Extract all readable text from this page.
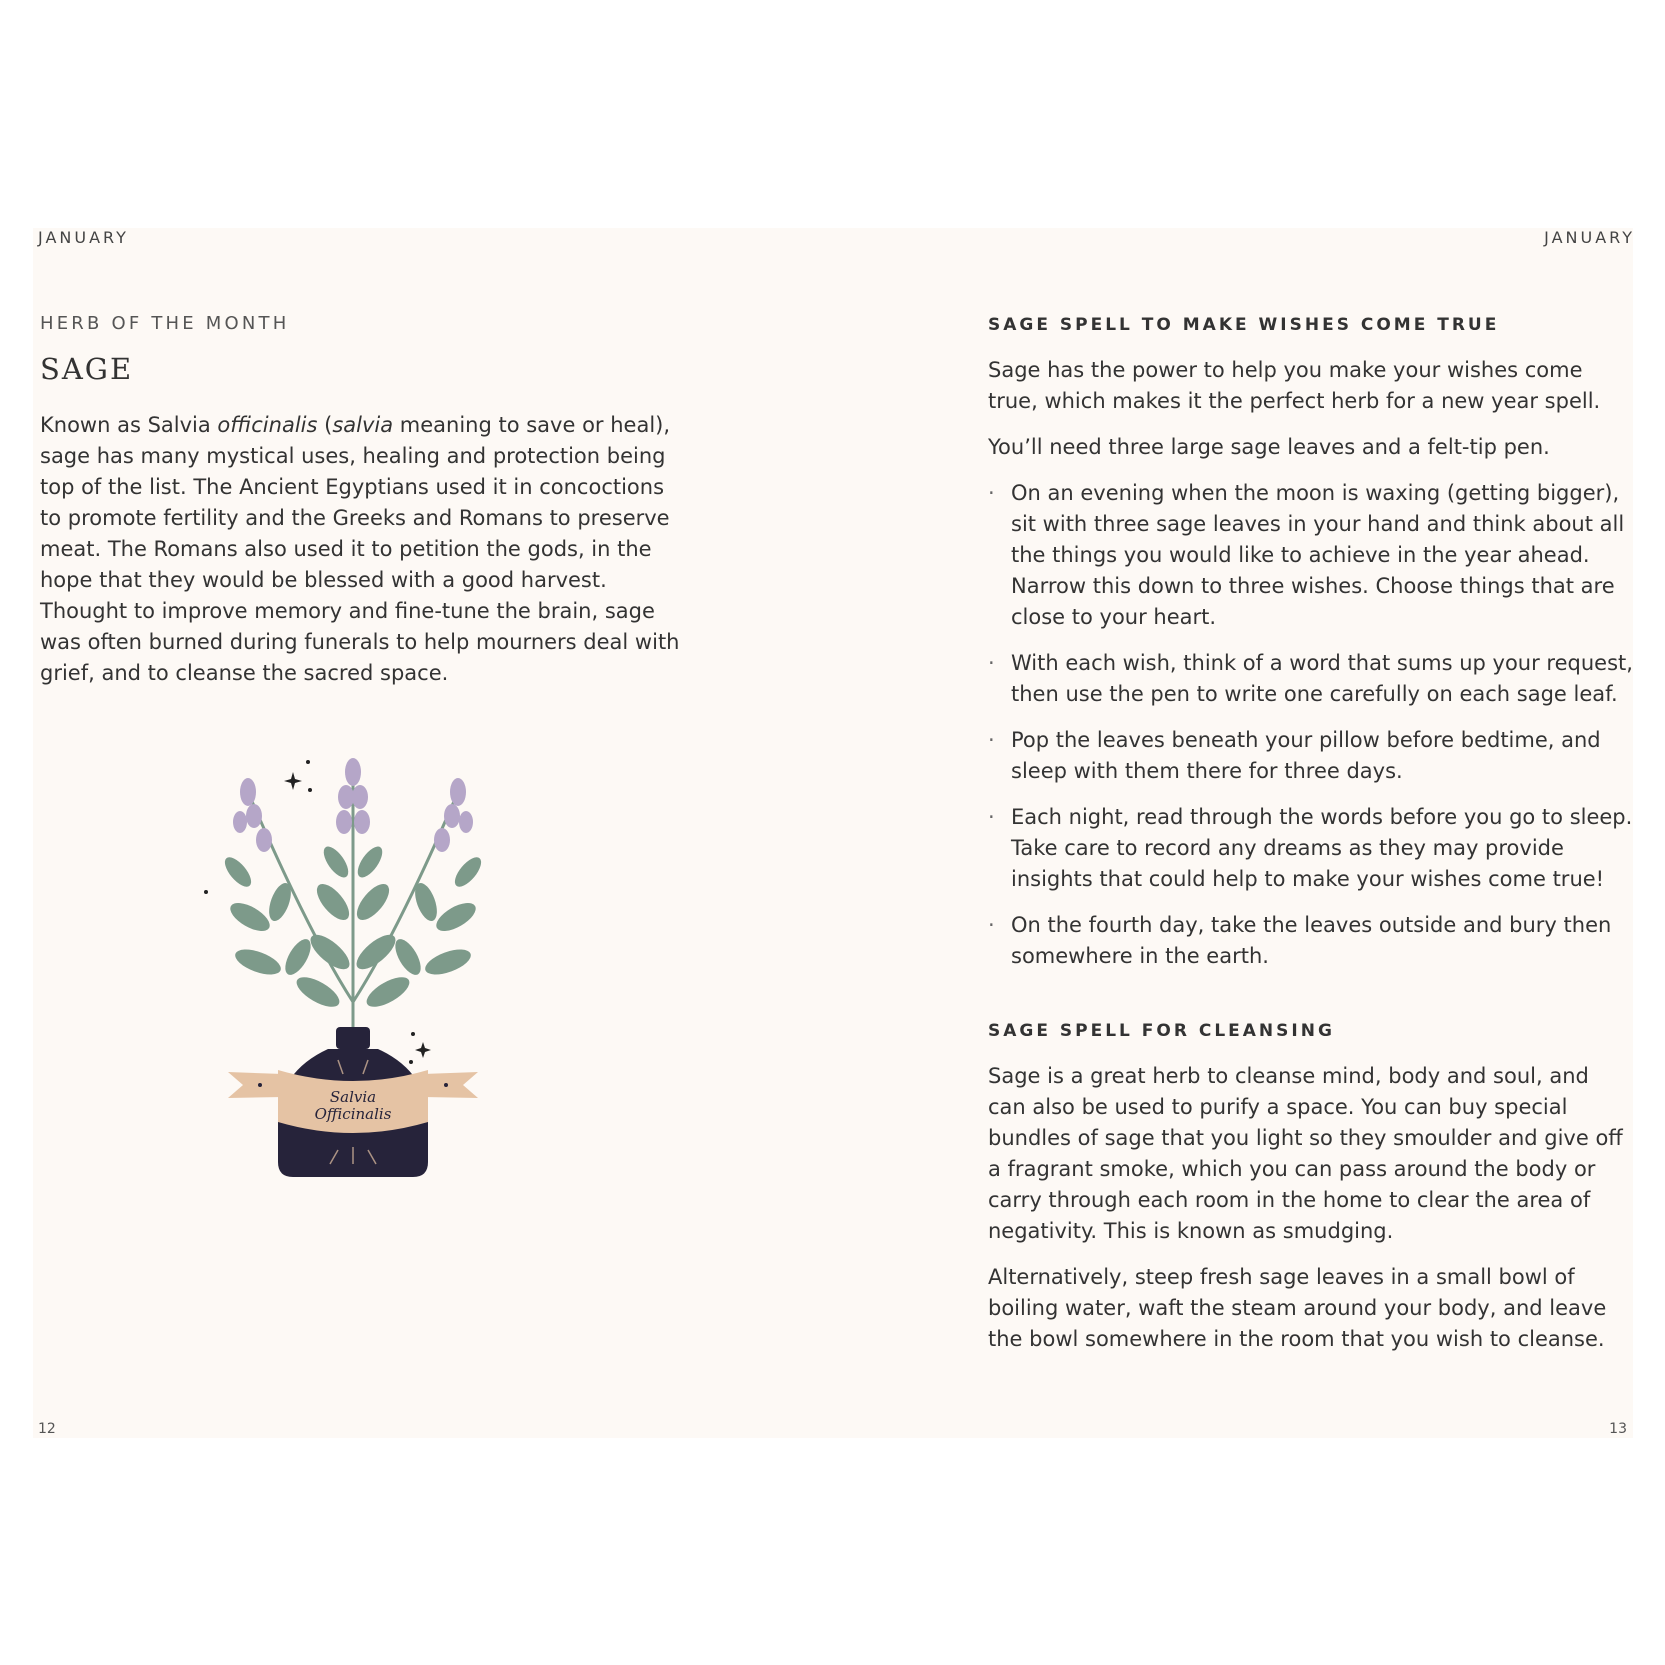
JANUARY	JANUARY
HERB OF THE MONTH
SAGE

Known as Salvia officinalis (salvia meaning to save or heal), sage has many mystical uses, healing and protection being top of the list. The Ancient Egyptians used it in concoctions to promote fertility and the Greeks and Romans to preserve meat. The Romans also used it to petition the gods, in the hope that they would be blessed with a good harvest. Thought to improve memory and fine-tune the brain, sage was often burned during funerals to help mourners deal with grief, and to cleanse the sacred space.

Salvia
Officinalis
SAGE SPELL TO MAKE WISHES COME TRUE

Sage has the power to help you make your wishes come true, which makes it the perfect herb for a new year spell.

You’ll need three large sage leaves and a felt-tip pen.

· On an evening when the moon is waxing (getting bigger), sit with three sage leaves in your hand and think about all the things you would like to achieve in the year ahead. Narrow this down to three wishes. Choose things that are close to your heart.
· With each wish, think of a word that sums up your request, then use the pen to write one carefully on each sage leaf.
· Pop the leaves beneath your pillow before bedtime, and sleep with them there for three days.
· Each night, read through the words before you go to sleep. Take care to record any dreams as they may provide insights that could help to make your wishes come true!
· On the fourth day, take the leaves outside and bury then somewhere in the earth.
SAGE SPELL FOR CLEANSING

Sage is a great herb to cleanse mind, body and soul, and can also be used to purify a space. You can buy special bundles of sage that you light so they smoulder and give off a fragrant smoke, which you can pass around the body or carry through each room in the home to clear the area of negativity. This is known as smudging.

Alternatively, steep fresh sage leaves in a small bowl of boiling water, waft the steam around your body, and leave the bowl somewhere in the room that you wish to cleanse.

12	13
